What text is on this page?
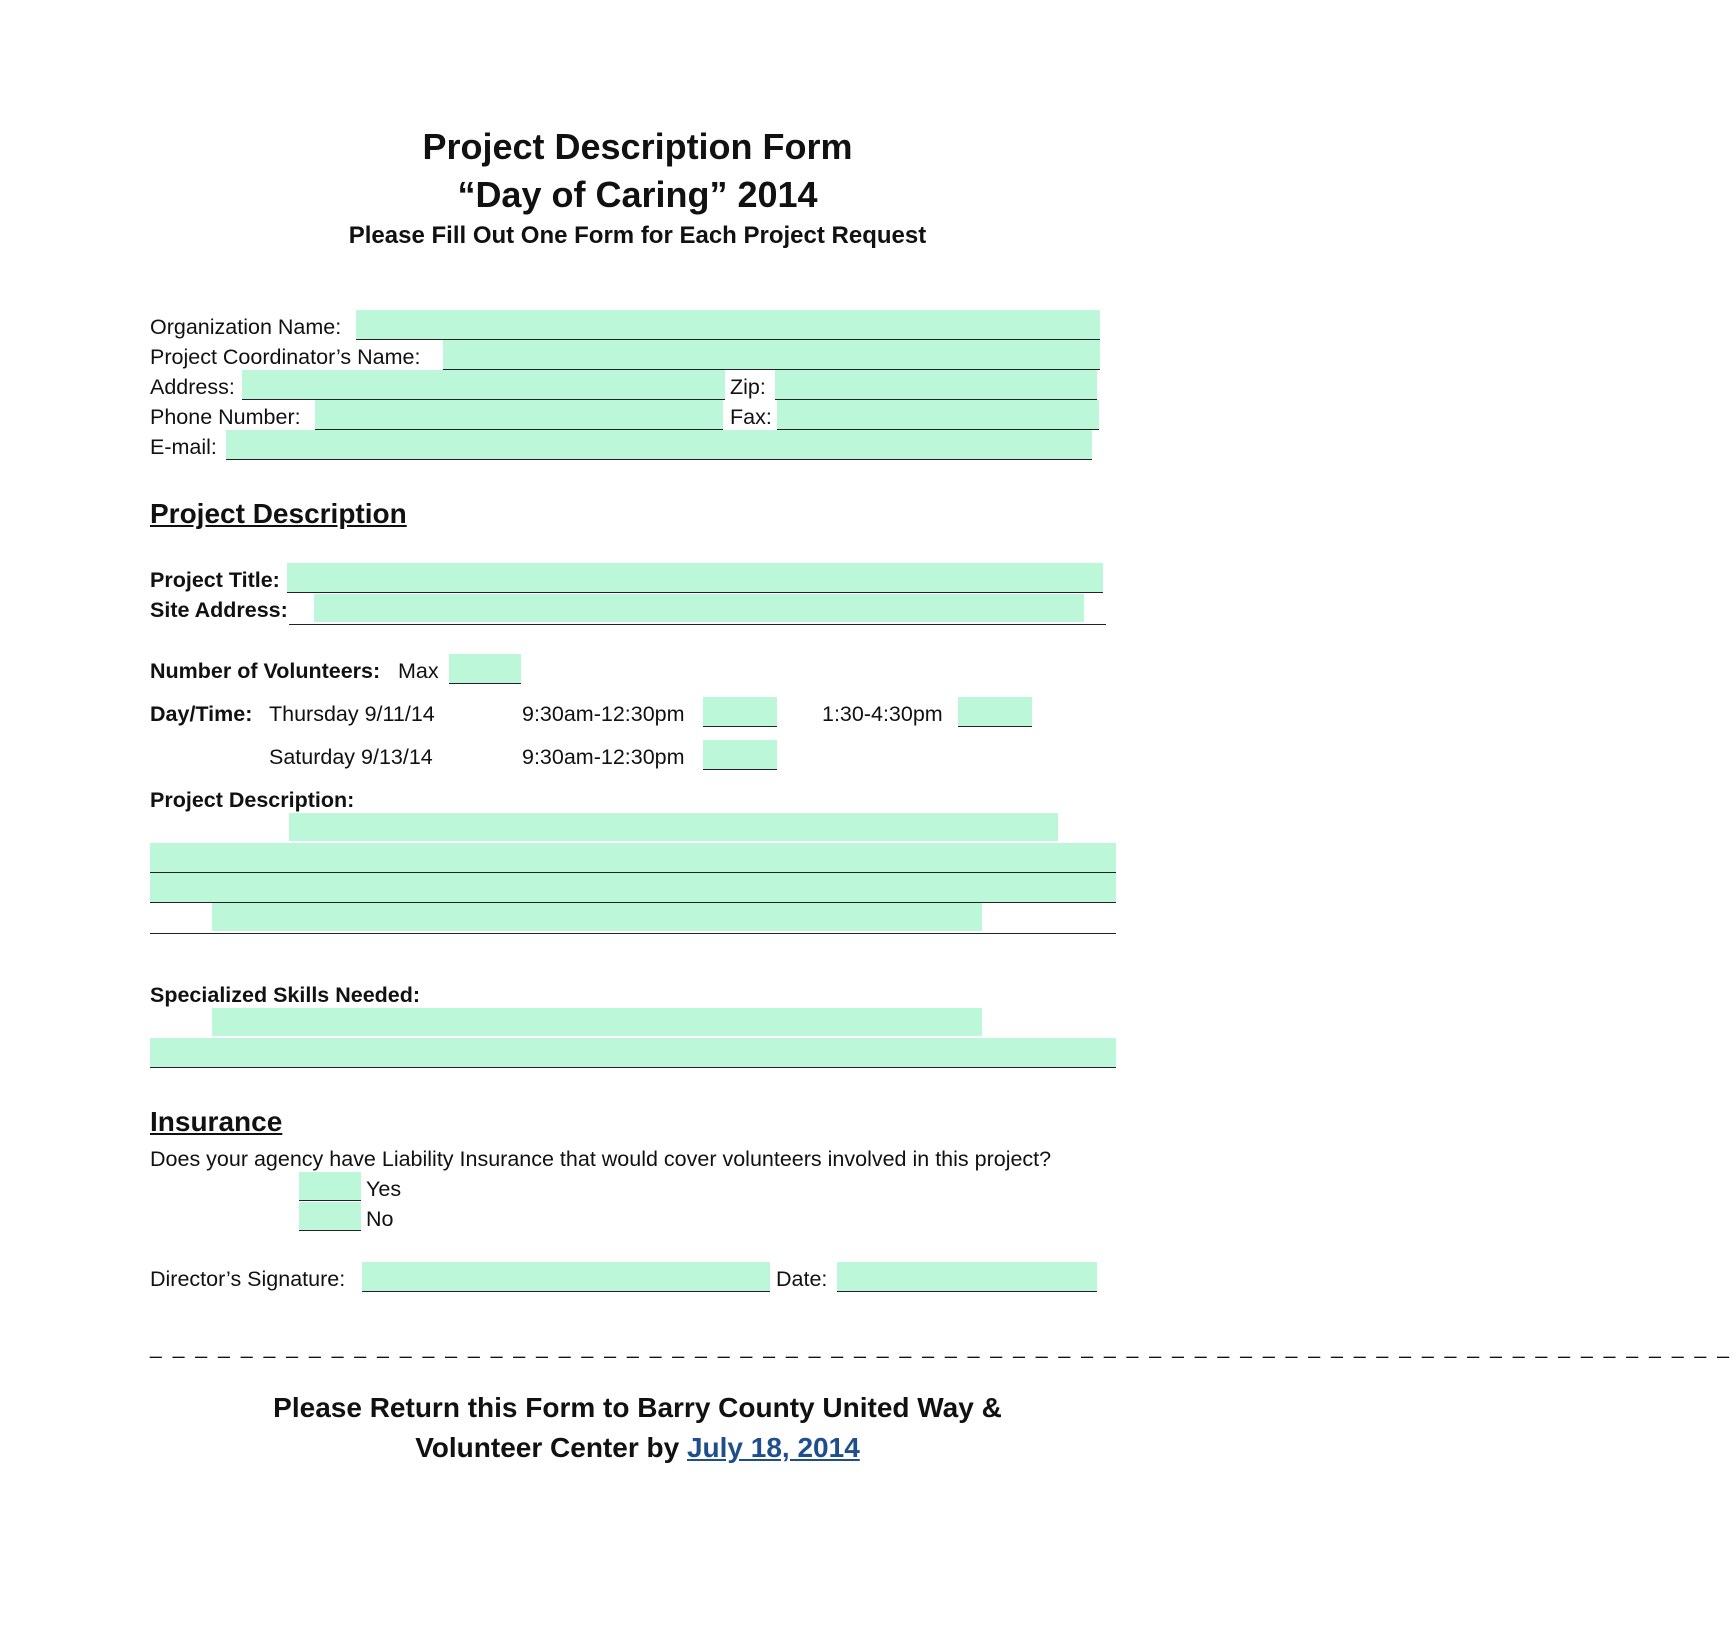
Project Description Form
“Day of Caring” 2014
Please Fill Out One Form for Each Project Request
Organization Name:
Project Coordinator’s Name:
Address:	Zip:
Phone Number:	Fax:
E-mail:
Project Description
Project Title:
Site Address:
Number of Volunteers: Max
Day/Time: Thursday 9/11/14	9:30am-12:30pm	1:30-4:30pm
Saturday 9/13/14	9:30am-12:30pm
Project Description:
Specialized Skills Needed:
Insurance
Does your agency have Liability Insurance that would cover volunteers involved in this project?
Yes
No
Director’s Signature:	Date:
_ _ _ _ _ _ _ _ _ _ _ _ _ _ _ _ _ _ _ _ _ _ _ _ _ _ _ _ _ _ _ _ _ _ _ _ _ _ _ _ _ _ _ _ _ _ _ _ _ _ _ _ _ _ _ _ _ _ _ _ _ _ _ _ _ _ _ _ _ _
Please Return this Form to Barry County United Way &
Volunteer Center by July 18, 2014
